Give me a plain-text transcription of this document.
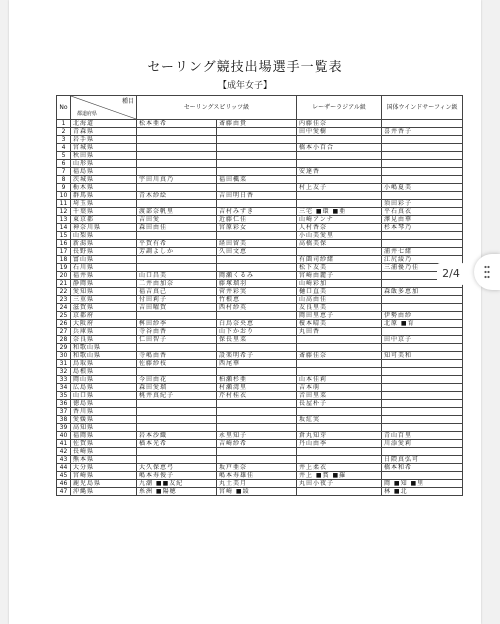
セーリング競技出場選手一覧表
【成年女子】
No	種目
都道府県	セーリングスピリッツ級		レーザーラジアル級	国体ウインドサーフィン級
1	北海道	松本亜希	斎藤由貴	内藤佳奈	
2	青森県			田中愛樹	喜井香子
3	岩手県				
4	宮城県			橋本小百合	
5	秋田県				
6	山形県				
7	福島県			安達香	
8	茨城県	宇田川真乃	福田楓菜		
9	栃木県			村上友子	小嶋夏美
10	群馬県	青木紗絵	吉田明日香		
11	埼玉県				須田彩子
12	千葉県	渡部奈帆里	吉村みずき	三宅 ■環 ■亜	平石真衣
13	東京都	吉田愛	近藤仁佳	山崎アンナ	澤見由華
14	神奈川県	森田由佳	宮原彩女	人村香奈	杉本琴乃
15	山梨県			小山美愛里	
16	新潟県	平賀有希	経田留美	高橋美保	
17	長野県	芳調よしか	久田文恵		浦井七緒
18	富山県			有薗司紗緒	江尻綾乃
19	石川県			松下友美	三浦優乃佳
20	福井県	山口昌美	岡瀬くるみ	宮崎由麗子	
21	静岡県	二井由加奈	藤塚瑠羽	山崎彩加	
22	愛知県	福吉真己	菅井彩実	樋口直美	森飯多恵加
23	三重県	付田莉子	竹根恵	山高由佳	
24	滋賀県	吉田曜賀	西村紗英	友良里美	
25	京都府			岡田里恵子	伊勢由紗
26	大阪府	桝田紗季	白鳥奈央恵	榎本晴美	北原 ■育
27	兵庫県	寺谷由香	山下かおり	丸田香	
28	奈良県	仁田智子	保長里菜		田中京子
29	和歌山県				
30	和歌山県	寺嶋由香	設楽明希子	斎藤佳奈	知可美和
31	鳥取県	佐藤紗枝	西尾華		
32	島根県				
33	岡山県	今田由花	柏瀬杉亜	山本佳莉	
34	広島県	森田愛瑠	村瀬湾里	吉本萌	
35	山口県	桃井真紀子	芹村桂衣	音田里菜	
36	徳島県			長屋朴子	
37	香川県				
38	愛媛県			坂紅実	
39	高知県				
40	福岡県	岩本沙織	永里知子	倉丸知芽	青山百里
41	佐賀県	楢本光希	吉崎紗希	丹山由季	川添愛莉
42	長崎県				
43	熊本県				日隈真弘可
44	大分県	大久保恵弓	坂戸亜奈	井上柔衣	橋本和希
45	宮崎県	嶋本寿俊子	嶋本寿雄佳	井上 ■賞 ■羅	
46	鹿児島県	九潮 ■■友紀	丸土美月	丸田小夜子	岡 ■知 ■里
47	沖縄県	糸洲 ■陽穂	宮崎 ■綾		林 ■北
2/4
